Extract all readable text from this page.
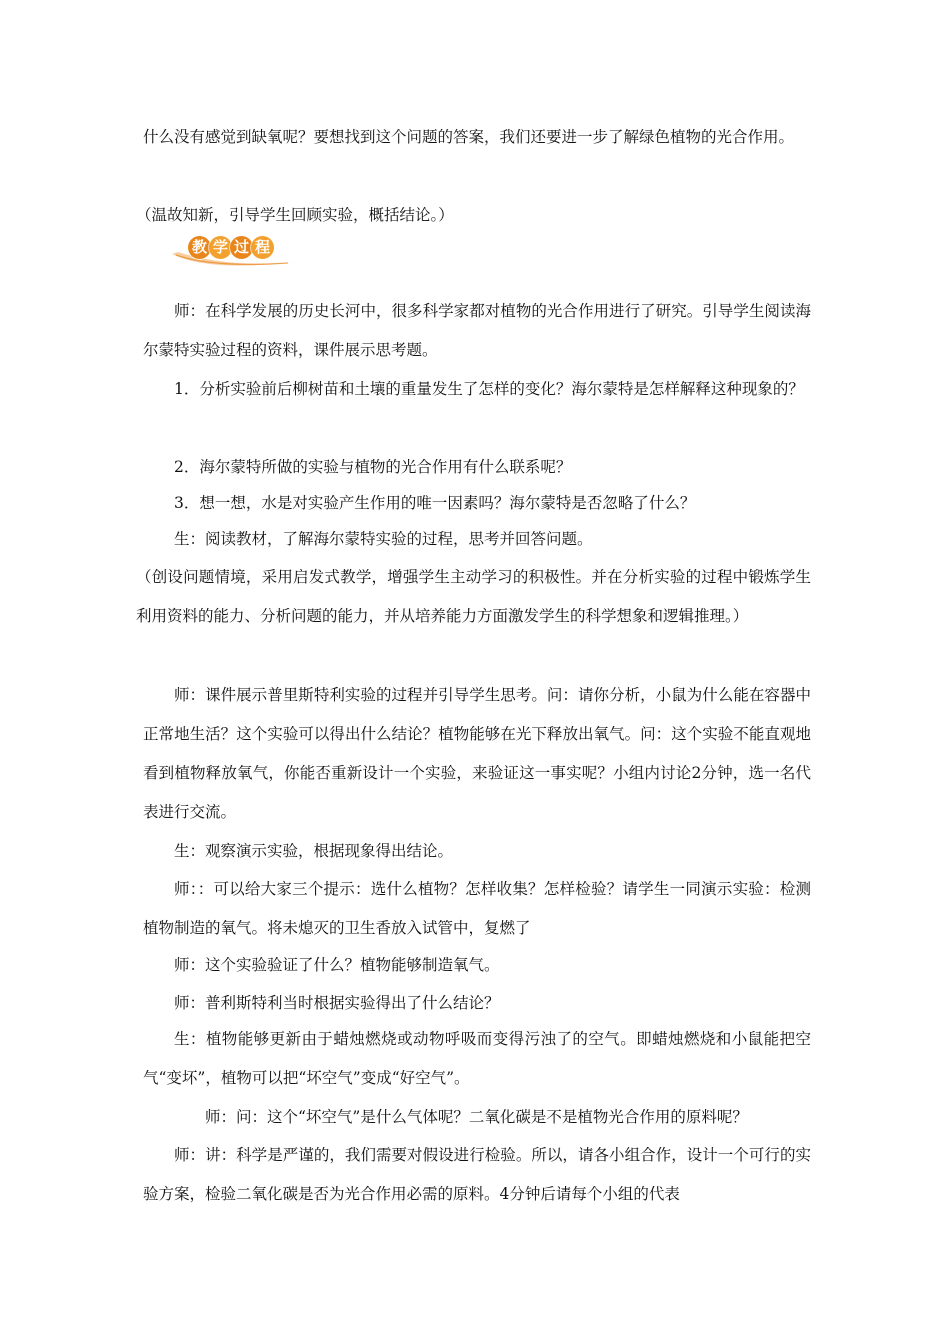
什么没有感觉到缺氧呢？要想找到这个问题的答案，我们还要进一步了解绿色植物的光合作用。

（温故知新，引导学生回顾实验，概括结论。）

教 学 过 程

师：在科学发展的历史长河中，很多科学家都对植物的光合作用进行了研究。引导学生阅读海尔蒙特实验过程的资料，课件展示思考题。

1．分析实验前后柳树苗和土壤的重量发生了怎样的变化？海尔蒙特是怎样解释这种现象的？

2．海尔蒙特所做的实验与植物的光合作用有什么联系呢？

3．想一想，水是对实验产生作用的唯一因素吗？海尔蒙特是否忽略了什么？

生：阅读教材，了解海尔蒙特实验的过程，思考并回答问题。

（创设问题情境，采用启发式教学，增强学生主动学习的积极性。并在分析实验的过程中锻炼学生利用资料的能力、分析问题的能力，并从培养能力方面激发学生的科学想象和逻辑推理。）

师：课件展示普里斯特利实验的过程并引导学生思考。问：请你分析，小鼠为什么能在容器中正常地生活？这个实验可以得出什么结论？植物能够在光下释放出氧气。问：这个实验不能直观地看到植物释放氧气，你能否重新设计一个实验，来验证这一事实呢？小组内讨论2分钟，选一名代表进行交流。

生：观察演示实验，根据现象得出结论。

师：：可以给大家三个提示：选什么植物？怎样收集？怎样检验？请学生一同演示实验：检测植物制造的氧气。将未熄灭的卫生香放入试管中，复燃了

师：这个实验验证了什么？植物能够制造氧气。

师：普利斯特利当时根据实验得出了什么结论？

生：植物能够更新由于蜡烛燃烧或动物呼吸而变得污浊了的空气。即蜡烛燃烧和小鼠能把空气“变坏”，植物可以把“坏空气”变成“好空气”。

师：问：这个“坏空气”是什么气体呢？二氧化碳是不是植物光合作用的原料呢？

师：讲：科学是严谨的，我们需要对假设进行检验。所以，请各小组合作，设计一个可行的实验方案，检验二氧化碳是否为光合作用必需的原料。4分钟后请每个小组的代表
